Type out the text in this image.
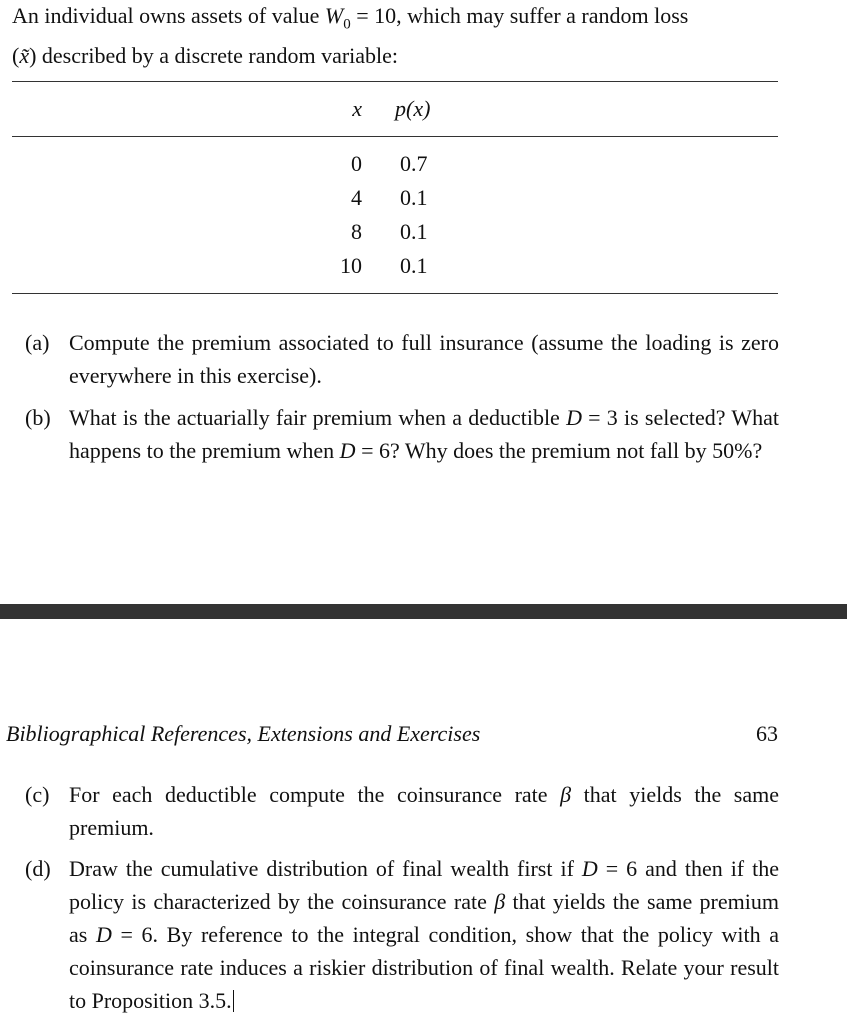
An individual owns assets of value $W_0 = 10$, which may suffer a random loss
(x̃) described by a discrete random variable:
x p(x)
0 0.7
4 0.1
8 0.1
10 0.1
(a) Compute the premium associated to full insurance (assume the loading is zero everywhere in this exercise).
(b) What is the actuarially fair premium when a deductible D = 3 is selected? What happens to the premium when D = 6? Why does the premium not fall by 50%?
Bibliographical References, Extensions and Exercises	63
(c) For each deductible compute the coinsurance rate β that yields the same premium.
(d) Draw the cumulative distribution of final wealth first if D = 6 and then if the policy is characterized by the coinsurance rate β that yields the same premium as D = 6. By reference to the integral condition, show that the policy with a coinsurance rate induces a riskier distribution of final wealth. Relate your result to Proposition 3.5.
